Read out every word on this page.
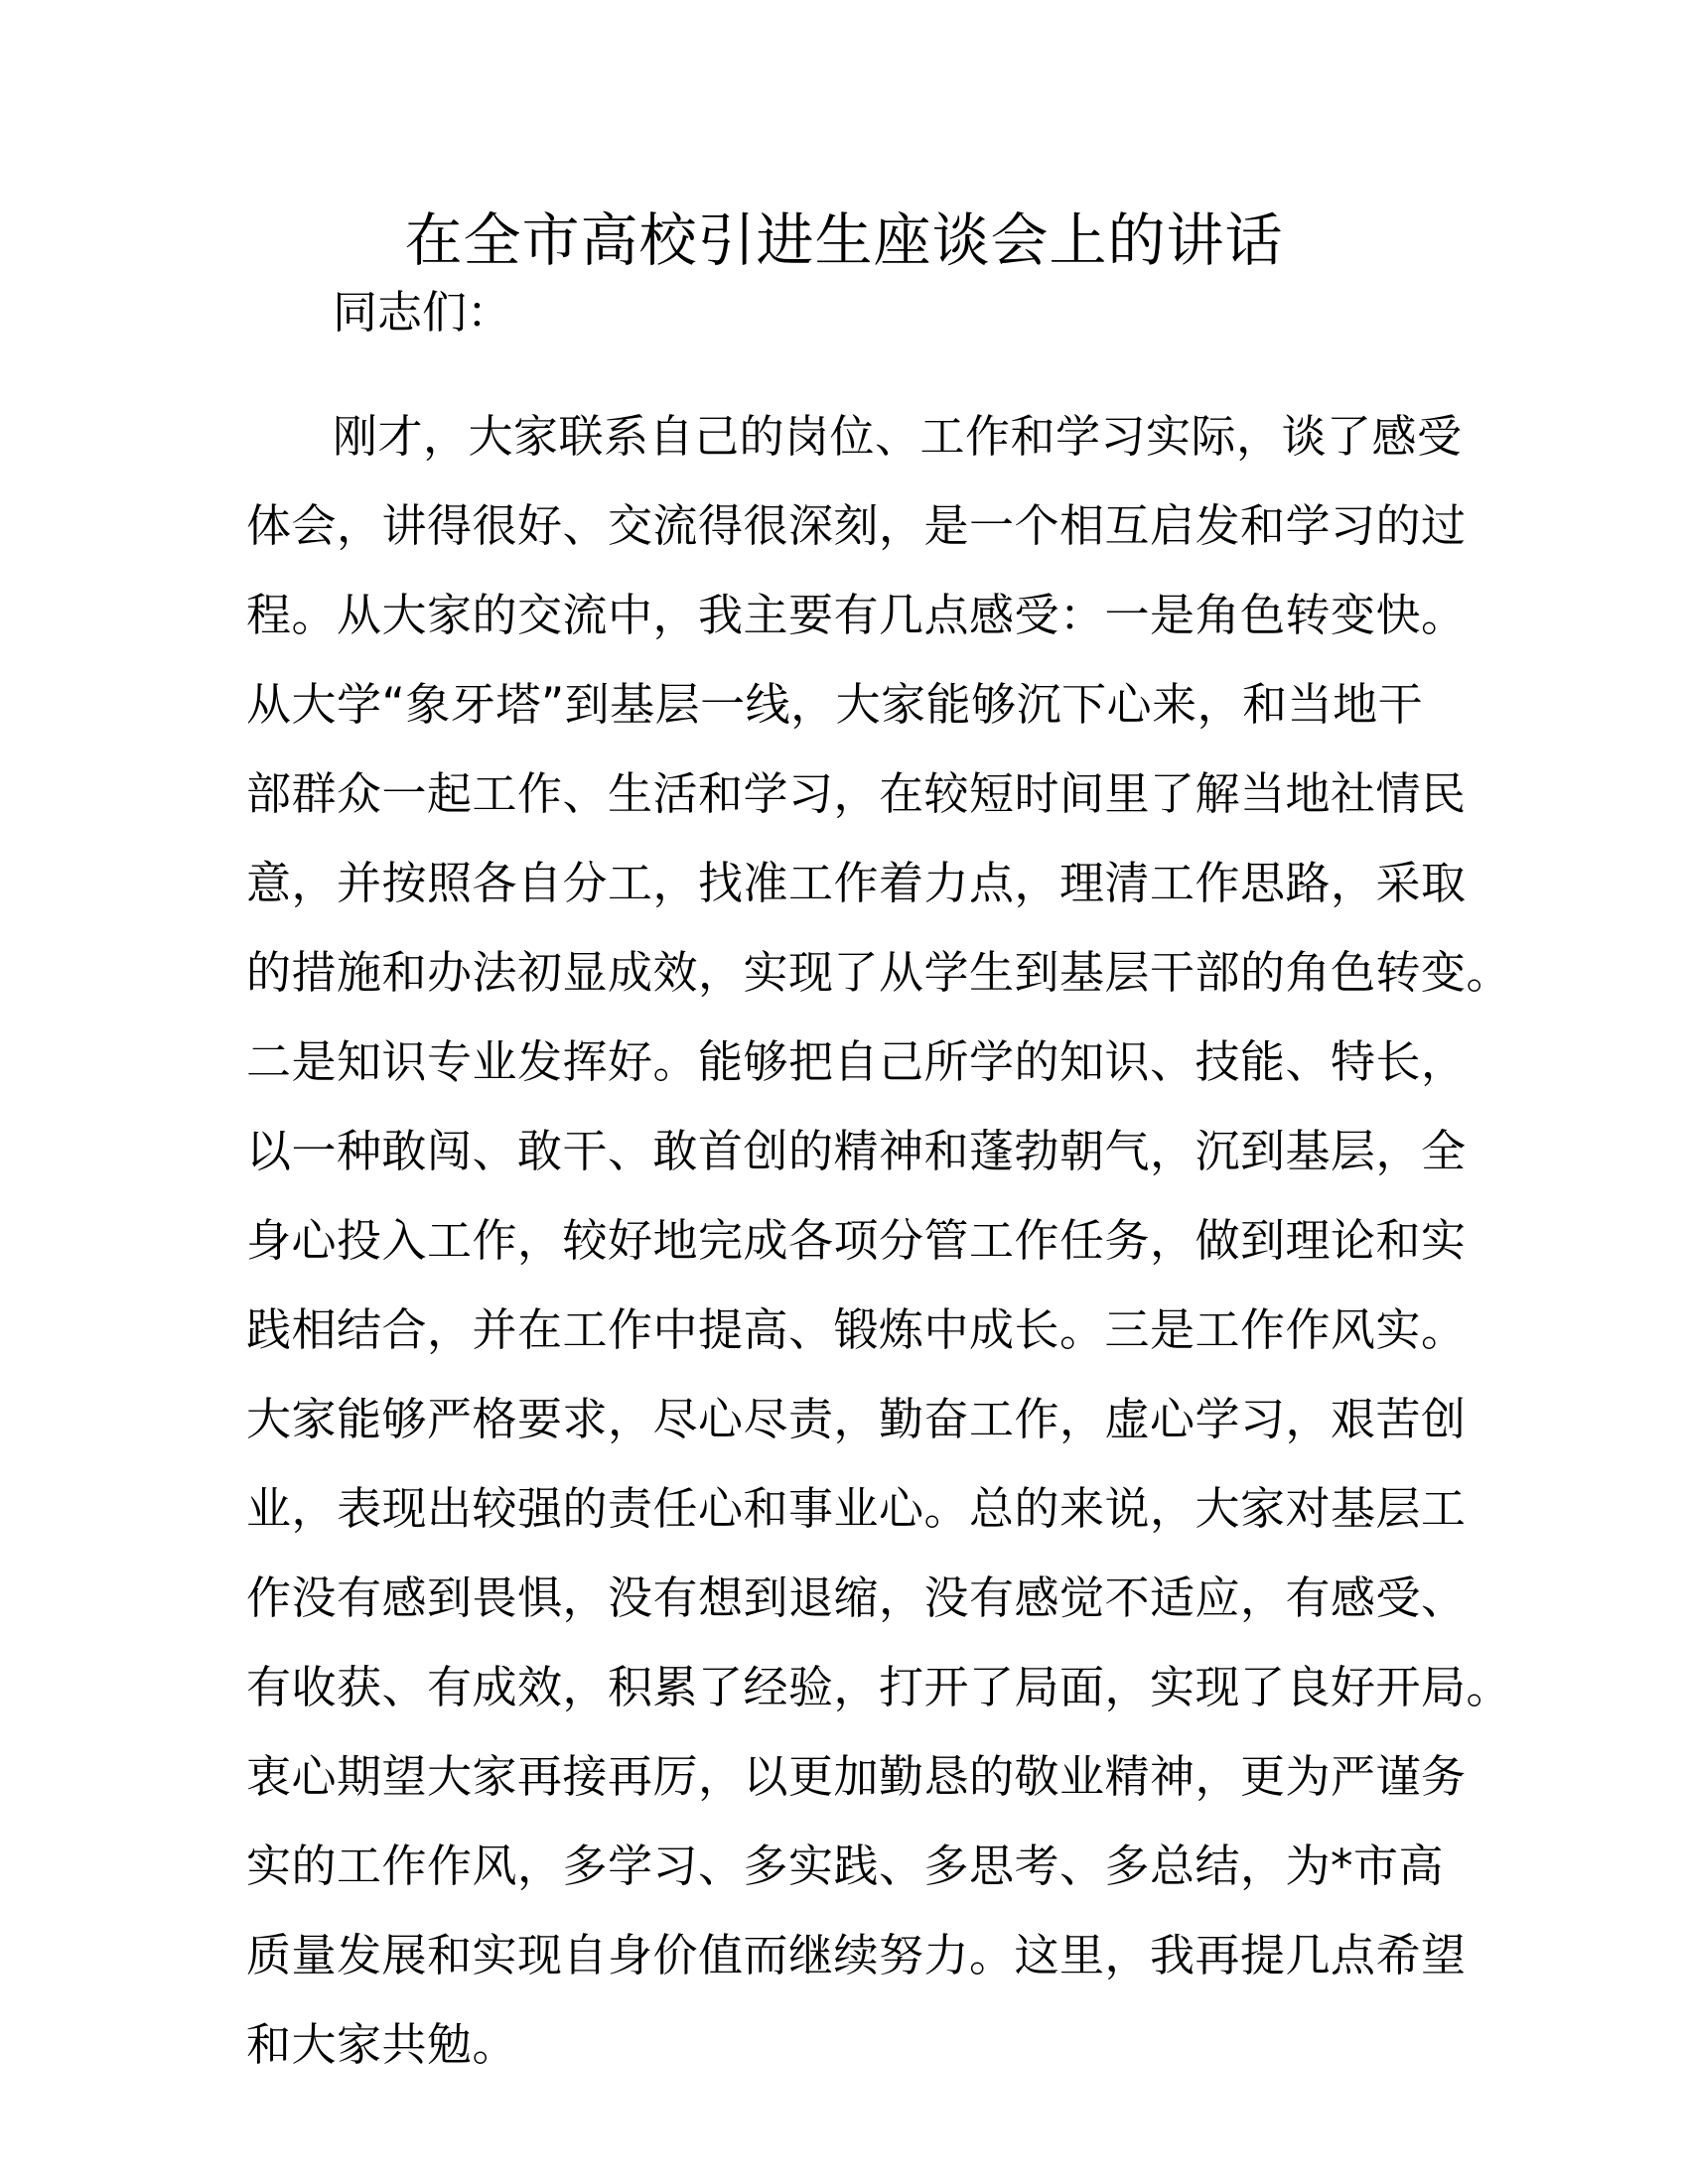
在全市高校引进生座谈会上的讲话

同志们：

刚才，大家联系自己的岗位、工作和学习实际，谈了感受
体会，讲得很好、交流得很深刻，是一个相互启发和学习的过
程。从大家的交流中，我主要有几点感受：一是角色转变快。
从大学“象牙塔”到基层一线，大家能够沉下心来，和当地干
部群众一起工作、生活和学习，在较短时间里了解当地社情民
意，并按照各自分工，找准工作着力点，理清工作思路，采取
的措施和办法初显成效，实现了从学生到基层干部的角色转变。
二是知识专业发挥好。能够把自己所学的知识、技能、特长，
以一种敢闯、敢干、敢首创的精神和蓬勃朝气，沉到基层，全
身心投入工作，较好地完成各项分管工作任务，做到理论和实
践相结合，并在工作中提高、锻炼中成长。三是工作作风实。
大家能够严格要求，尽心尽责，勤奋工作，虚心学习，艰苦创
业，表现出较强的责任心和事业心。总的来说，大家对基层工
作没有感到畏惧，没有想到退缩，没有感觉不适应，有感受、
有收获、有成效，积累了经验，打开了局面，实现了良好开局。
衷心期望大家再接再厉，以更加勤恳的敬业精神，更为严谨务
实的工作作风，多学习、多实践、多思考、多总结，为*市高
质量发展和实现自身价值而继续努力。这里，我再提几点希望
和大家共勉。
